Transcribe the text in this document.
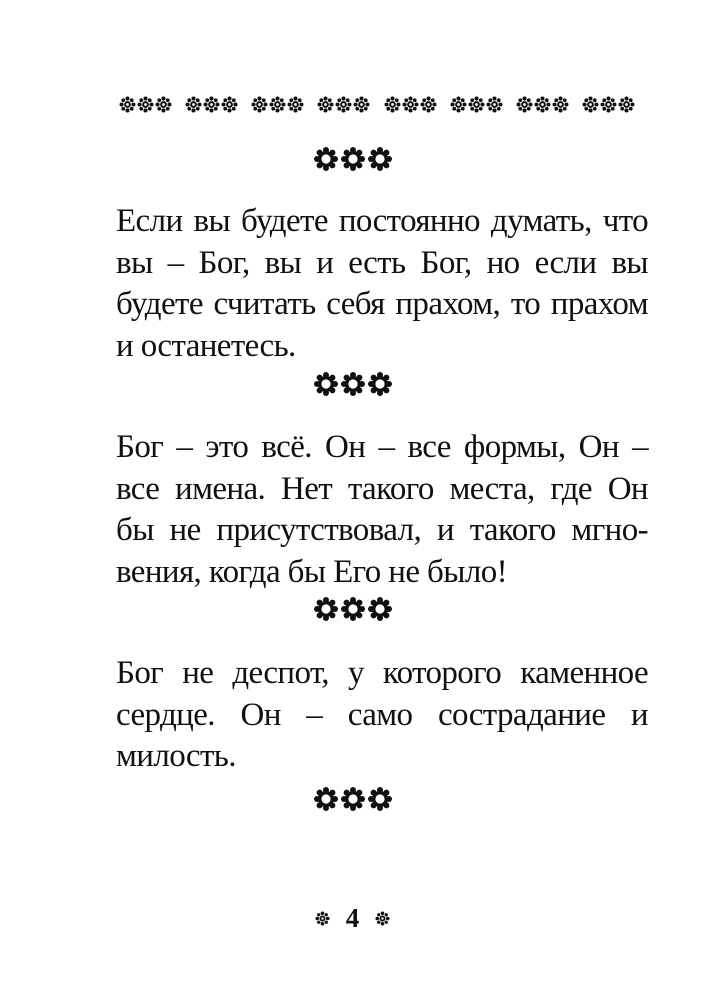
Если вы будете постоянно думать, что
вы – Бог, вы и есть Бог, но если вы
будете считать себя прахом, то прахом
и останетесь.

Бог – это всё. Он – все формы, Он –
все имена. Нет такого места, где Он
бы не присутствовал, и такого мгно-
вения, когда бы Его не было!

Бог не деспот, у которого каменное
сердце. Он – само сострадание и
милость.

4
